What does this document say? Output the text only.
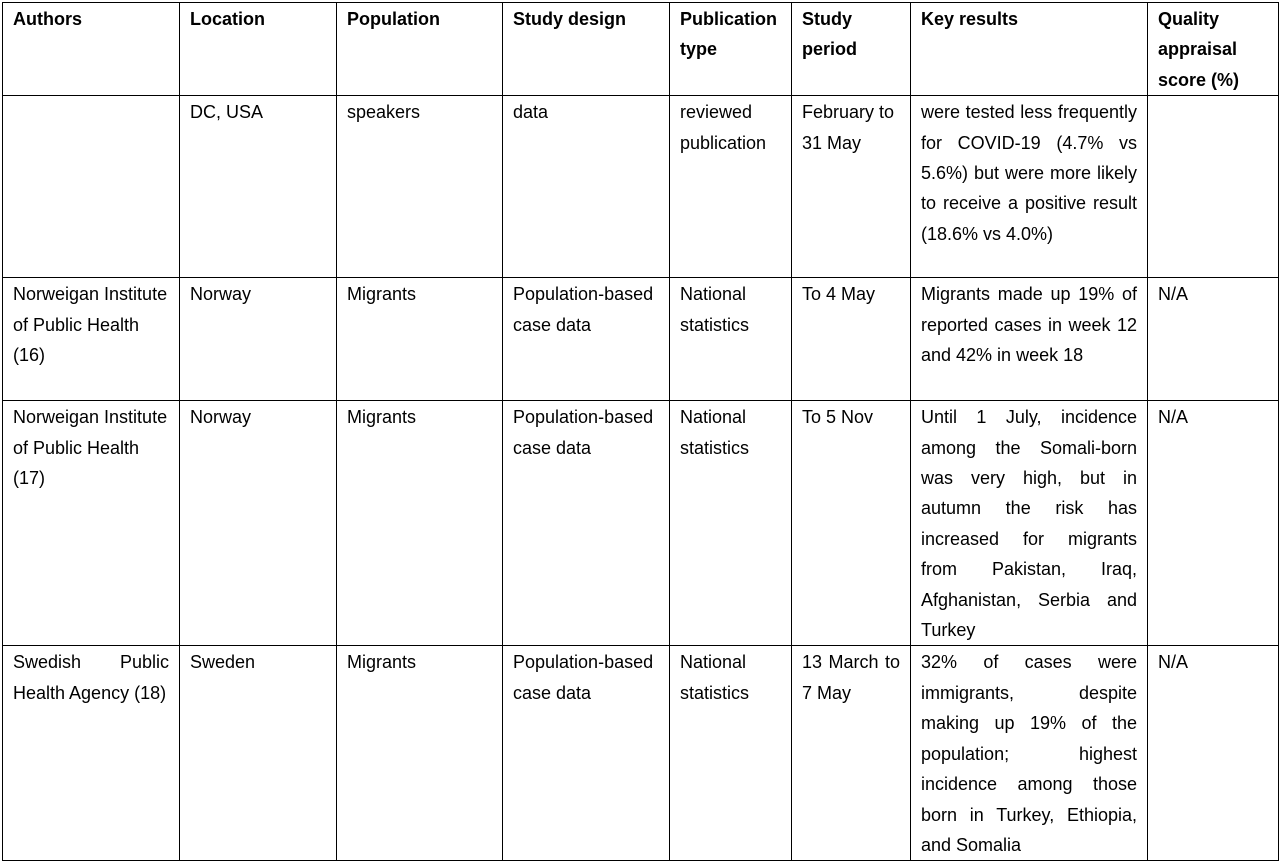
Authors	Location	Population	Study design	Publication type	Study period	Key results	Quality appraisal score (%)
	DC, USA	speakers	data	reviewed publication	February to 31 May	were tested less frequently for COVID-19 (4.7% vs 5.6%) but were more likely to receive a positive result (18.6% vs 4.0%)	
Norweigan Institute of Public Health (16)	Norway	Migrants	Population-based case data	National statistics	To 4 May	Migrants made up 19% of reported cases in week 12 and 42% in week 18	N/A
Norweigan Institute of Public Health (17)	Norway	Migrants	Population-based case data	National statistics	To 5 Nov	Until 1 July, incidence among the Somali-born was very high, but in autumn the risk has increased for migrants from Pakistan, Iraq, Afghanistan, Serbia and Turkey	N/A
Swedish Public Health Agency (18)	Sweden	Migrants	Population-based case data	National statistics	13 March to 7 May	32% of cases were immigrants, despite making up 19% of the population; highest incidence among those born in Turkey, Ethiopia, and Somalia	N/A
